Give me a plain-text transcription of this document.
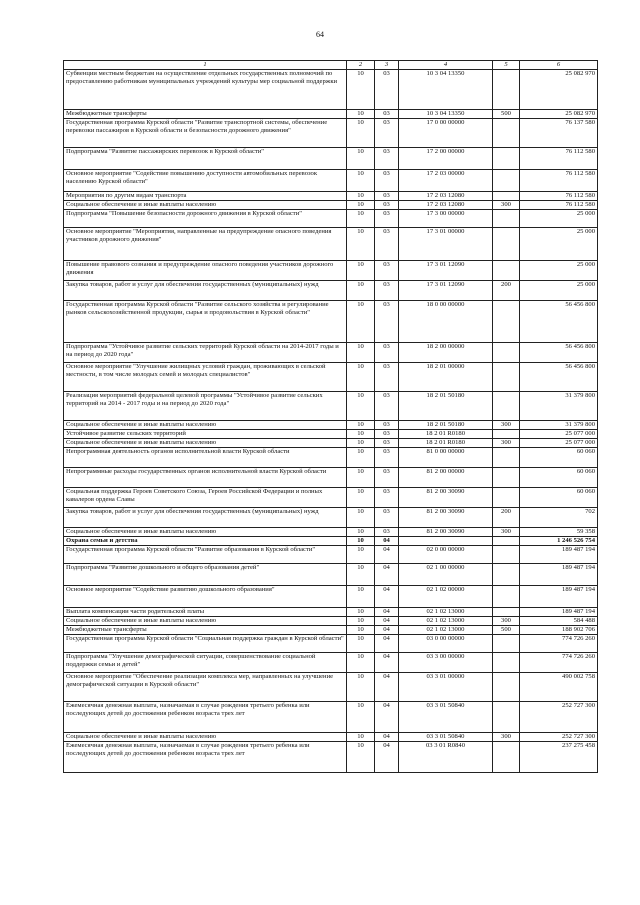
64
1	2	3	4	5	6
Субвенции местным бюджетам на осуществление отдельных государственных полномочий по предоставлению работникам муниципальных учреждений культуры мер социальной поддержки	10	03	10 3 04 13350		25 082 970
Межбюджетные трансферты	10	03	10 3 04 13350	500	25 082 970
Государственная программа Курской области "Развитие транспортной системы, обеспечение перевозки пассажиров в Курской области и безопасности дорожного движения"	10	03	17 0 00 00000		76 137 580
Подпрограмма "Развитие пассажирских перевозок в Курской области"	10	03	17 2 00 00000		76 112 580
Основное мероприятие "Содействие повышению доступности автомобильных перевозок населению Курской области"	10	03	17 2 03 00000		76 112 580
Мероприятия по другим видам транспорта	10	03	17 2 03 12080		76 112 580
Социальное обеспечение и иные выплаты населению	10	03	17 2 03 12080	300	76 112 580
Подпрограмма "Повышение безопасности дорожного движения в Курской области"	10	03	17 3 00 00000		25 000
Основное мероприятие "Мероприятия, направленные на предупреждение опасного поведения участников дорожного движения"	10	03	17 3 01 00000		25 000
Повышение правового сознания и предупреждение опасного поведения участников дорожного движения	10	03	17 3 01 12090		25 000
Закупка товаров, работ и услуг для обеспечения государственных (муниципальных) нужд	10	03	17 3 01 12090	200	25 000
Государственная программа Курской области "Развитие сельского хозяйства и регулирование рынков сельскохозяйственной продукции, сырья и продовольствия в Курской области"	10	03	18 0 00 00000		56 456 800
Подпрограмма "Устойчивое развитие сельских территорий Курской области на 2014-2017 годы и на период до 2020 года"	10	03	18 2 00 00000		56 456 800
Основное мероприятие "Улучшение жилищных условий граждан, проживающих в сельской местности, в том числе молодых семей и молодых специалистов"	10	03	18 2 01 00000		56 456 800
Реализация мероприятий федеральной целевой программы "Устойчивое развитие сельских территорий на 2014 - 2017 годы и на период до 2020 года"	10	03	18 2 01 50180		31 379 800
Социальное обеспечение и иные выплаты населению	10	03	18 2 01 50180	300	31 379 800
Устойчивое развитие сельских территорий	10	03	18 2 01 R0180		25 077 000
Социальное обеспечение и иные выплаты населению	10	03	18 2 01 R0180	300	25 077 000
Непрограммная деятельность органов исполнительной власти Курской области	10	03	81 0 00 00000		60 060
Непрограммные расходы государственных органов исполнительной власти Курской области	10	03	81 2 00 00000		60 060
Социальная поддержка Героев Советского Союза, Героев Российской Федерации и полных кавалеров ордена Славы	10	03	81 2 00 30090		60 060
Закупка товаров, работ и услуг для обеспечения государственных (муниципальных) нужд	10	03	81 2 00 30090	200	702
Социальное обеспечение и иные выплаты населению	10	03	81 2 00 30090	300	59 358
Охрана семьи и детства	10	04			1 246 526 754
Государственная программа Курской области "Развитие образования в Курской области"	10	04	02 0 00 00000		189 487 194
Подпрограмма "Развитие дошкольного и общего образования детей"	10	04	02 1 00 00000		189 487 194
Основное мероприятие "Содействие развитию дошкольного образования"	10	04	02 1 02 00000		189 487 194
Выплата компенсации части родительской платы	10	04	02 1 02 13000		189 487 194
Социальное обеспечение и иные выплаты населению	10	04	02 1 02 13000	300	584 488
Межбюджетные трансферты	10	04	02 1 02 13000	500	188 902 706
Государственная программа Курской области "Социальная поддержка граждан в Курской области"	10	04	03 0 00 00000		774 726 260
Подпрограмма "Улучшение демографической ситуации, совершенствование социальной поддержки семьи и детей"	10	04	03 3 00 00000		774 726 260
Основное мероприятие "Обеспечение реализации комплекса мер, направленных на улучшение демографической ситуации в Курской области"	10	04	03 3 01 00000		490 002 758
Ежемесячная денежная выплата, назначаемая в случае рождения третьего ребенка или последующих детей до достижения ребенком возраста трех лет	10	04	03 3 01 50840		252 727 300
Социальное обеспечение и иные выплаты населению	10	04	03 3 01 50840	300	252 727 300
Ежемесячная денежная выплата, назначаемая в случае рождения третьего ребенка или последующих детей до достижения ребенком возраста трех лет	10	04	03 3 01 R0840		237 275 458
